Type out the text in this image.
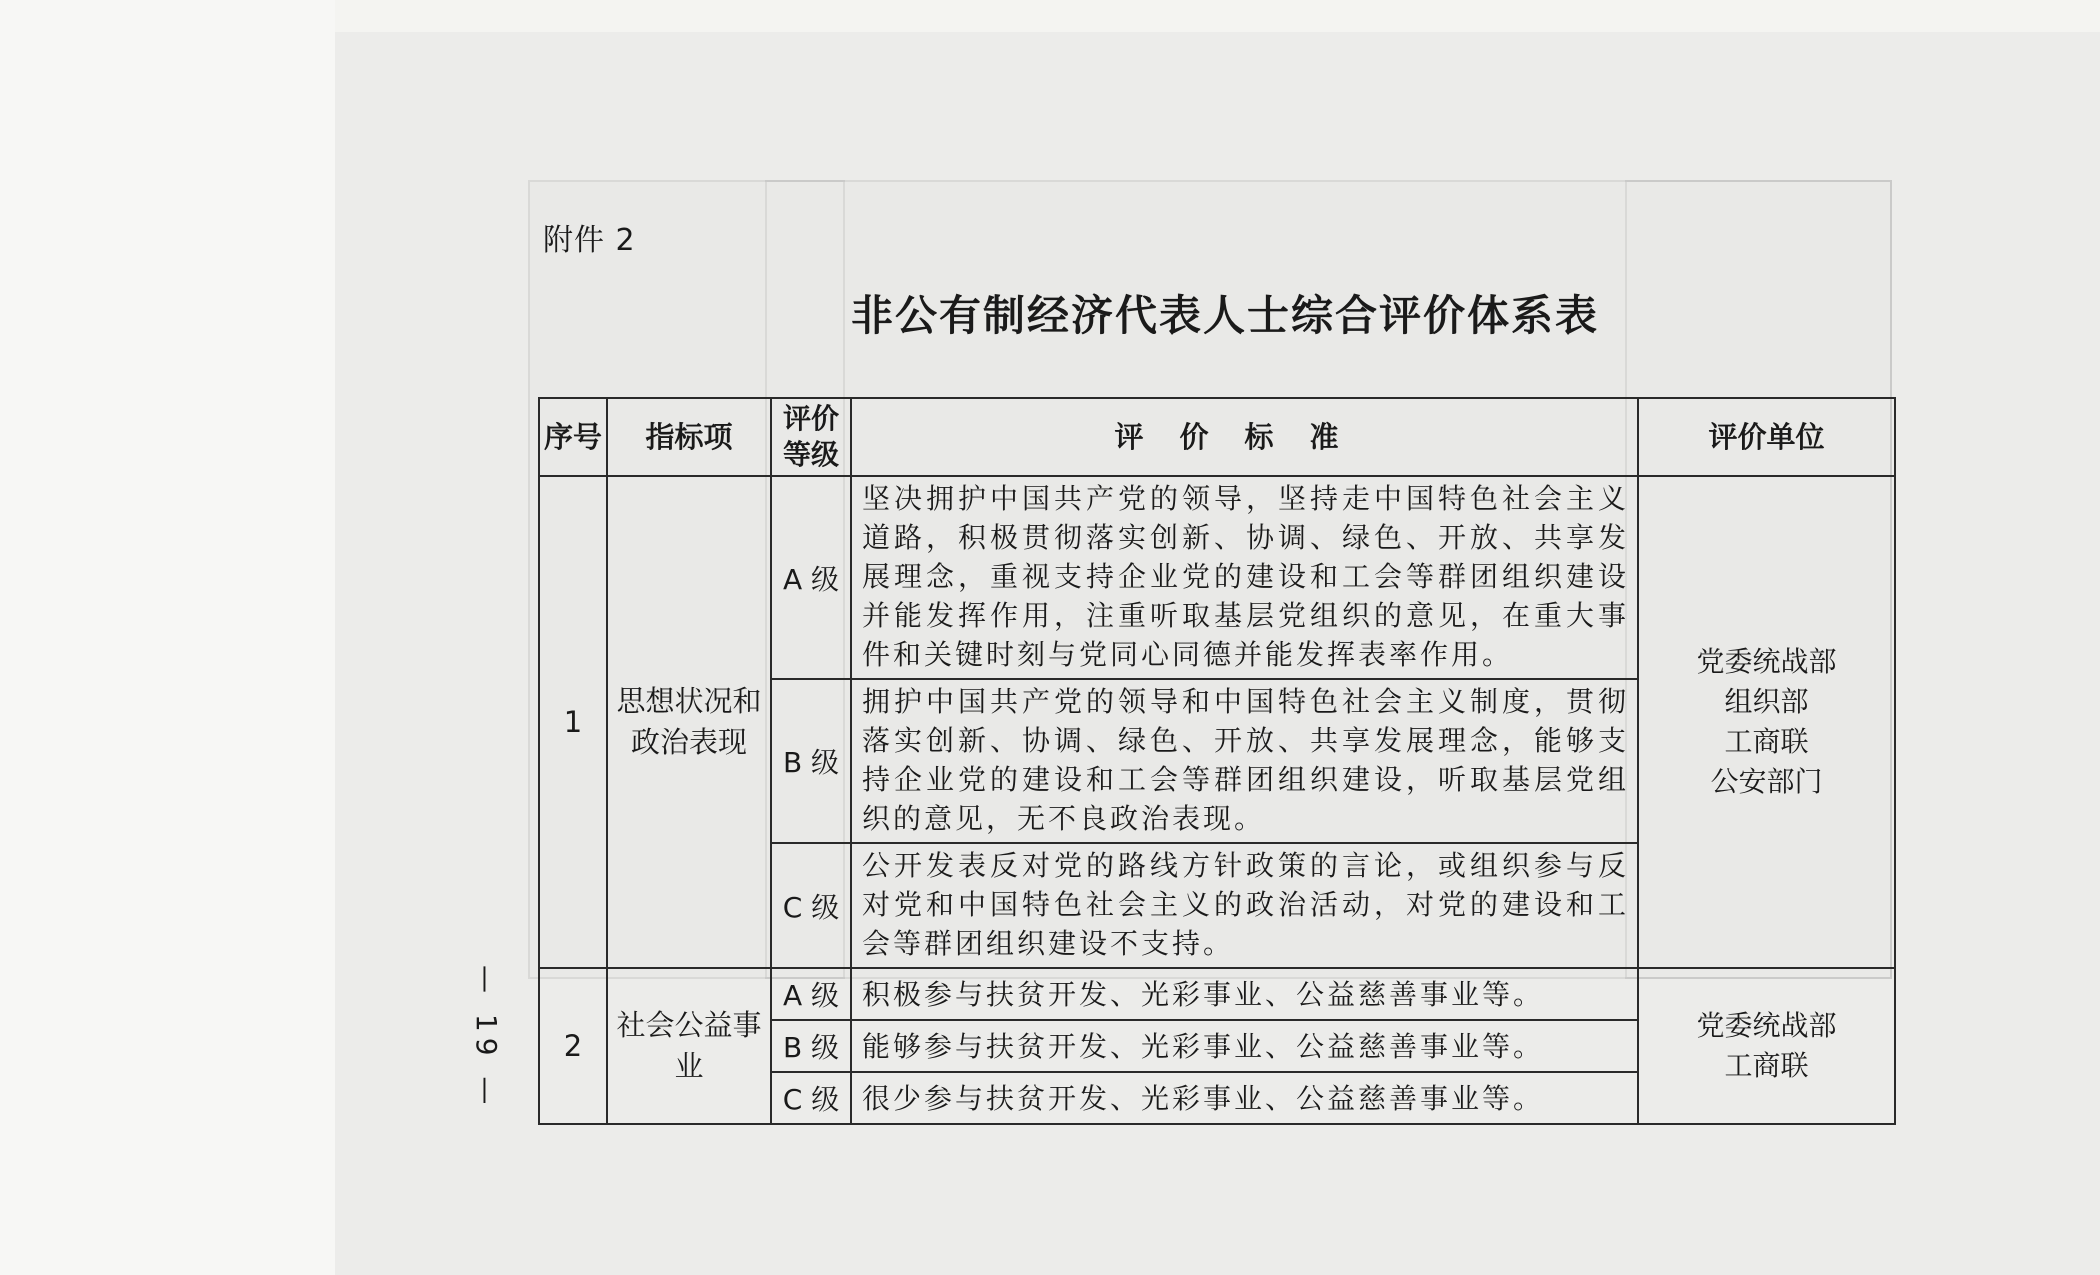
附件 2
非公有制经济代表人士综合评价体系表
— 19 —
序号	指标项	评价等级	评价标准	评价单位
1	思想状况和政治表现	A 级	坚决拥护中国共产党的领导，坚持走中国特色社会主义道路，积极贯彻落实创新、协调、绿色、开放、共享发展理念，重视支持企业党的建设和工会等群团组织建设并能发挥作用，注重听取基层党组织的意见，在重大事件和关键时刻与党同心同德并能发挥表率作用。	党委统战部
组织部
工商联
公安部门

		B 级	拥护中国共产党的领导和中国特色社会主义制度，贯彻落实创新、协调、绿色、开放、共享发展理念，能够支持企业党的建设和工会等群团组织建设，听取基层党组织的意见，无不良政治表现。	
		C 级	公开发表反对党的路线方针政策的言论，或组织参与反对党和中国特色社会主义的政治活动，对党的建设和工会等群团组织建设不支持。	
2	社会公益事业	A 级	积极参与扶贫开发、光彩事业、公益慈善事业等。	党委统战部
工商联

		B 级	能够参与扶贫开发、光彩事业、公益慈善事业等。	
		C 级	很少参与扶贫开发、光彩事业、公益慈善事业等。	
